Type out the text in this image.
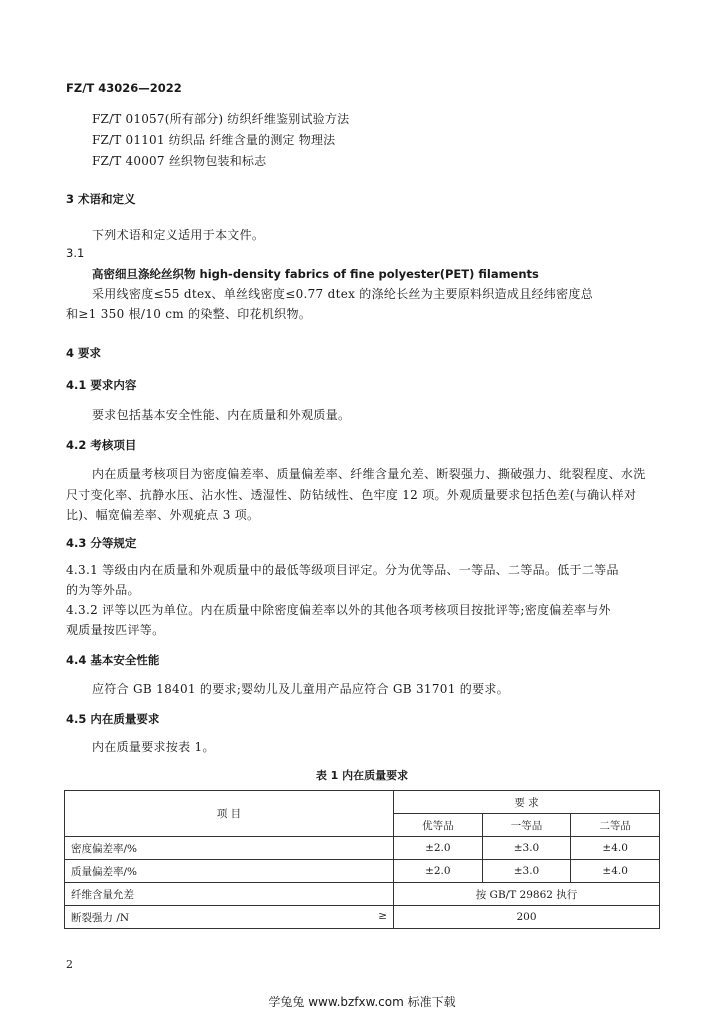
FZ/T 43026—2022
FZ/T 01057(所有部分) 纺织纤维鉴别试验方法
FZ/T 01101 纺织品 纤维含量的测定 物理法
FZ/T 40007 丝织物包装和标志
3 术语和定义
下列术语和定义适用于本文件。
3.1
高密细旦涤纶丝织物 high-density fabrics of fine polyester(PET) filaments
采用线密度≤55 dtex、单丝线密度≤0.77 dtex 的涤纶长丝为主要原料织造成且经纬密度总
和≥1 350 根/10 cm 的染整、印花机织物。
4 要求
4.1 要求内容
要求包括基本安全性能、内在质量和外观质量。
4.2 考核项目
内在质量考核项目为密度偏差率、质量偏差率、纤维含量允差、断裂强力、撕破强力、纰裂程度、水洗
尺寸变化率、抗静水压、沾水性、透湿性、防钻绒性、色牢度 12 项。外观质量要求包括色差(与确认样对
比)、幅宽偏差率、外观疵点 3 项。
4.3 分等规定
4.3.1 等级由内在质量和外观质量中的最低等级项目评定。分为优等品、一等品、二等品。低于二等品
的为等外品。
4.3.2 评等以匹为单位。内在质量中除密度偏差率以外的其他各项考核项目按批评等;密度偏差率与外
观质量按匹评等。
4.4 基本安全性能
应符合 GB 18401 的要求;婴幼儿及儿童用产品应符合 GB 31701 的要求。
4.5 内在质量要求
内在质量要求按表 1。
表 1 内在质量要求
项 目	要 求		
	优等品	一等品	二等品
密度偏差率/%	±2.0	±3.0	±4.0
质量偏差率/%	±2.0	±3.0	±4.0
纤维含量允差	按 GB/T 29862 执行		

断裂强力 /N ≥	200		
2
学兔兔 www.bzfxw.com 标准下载
